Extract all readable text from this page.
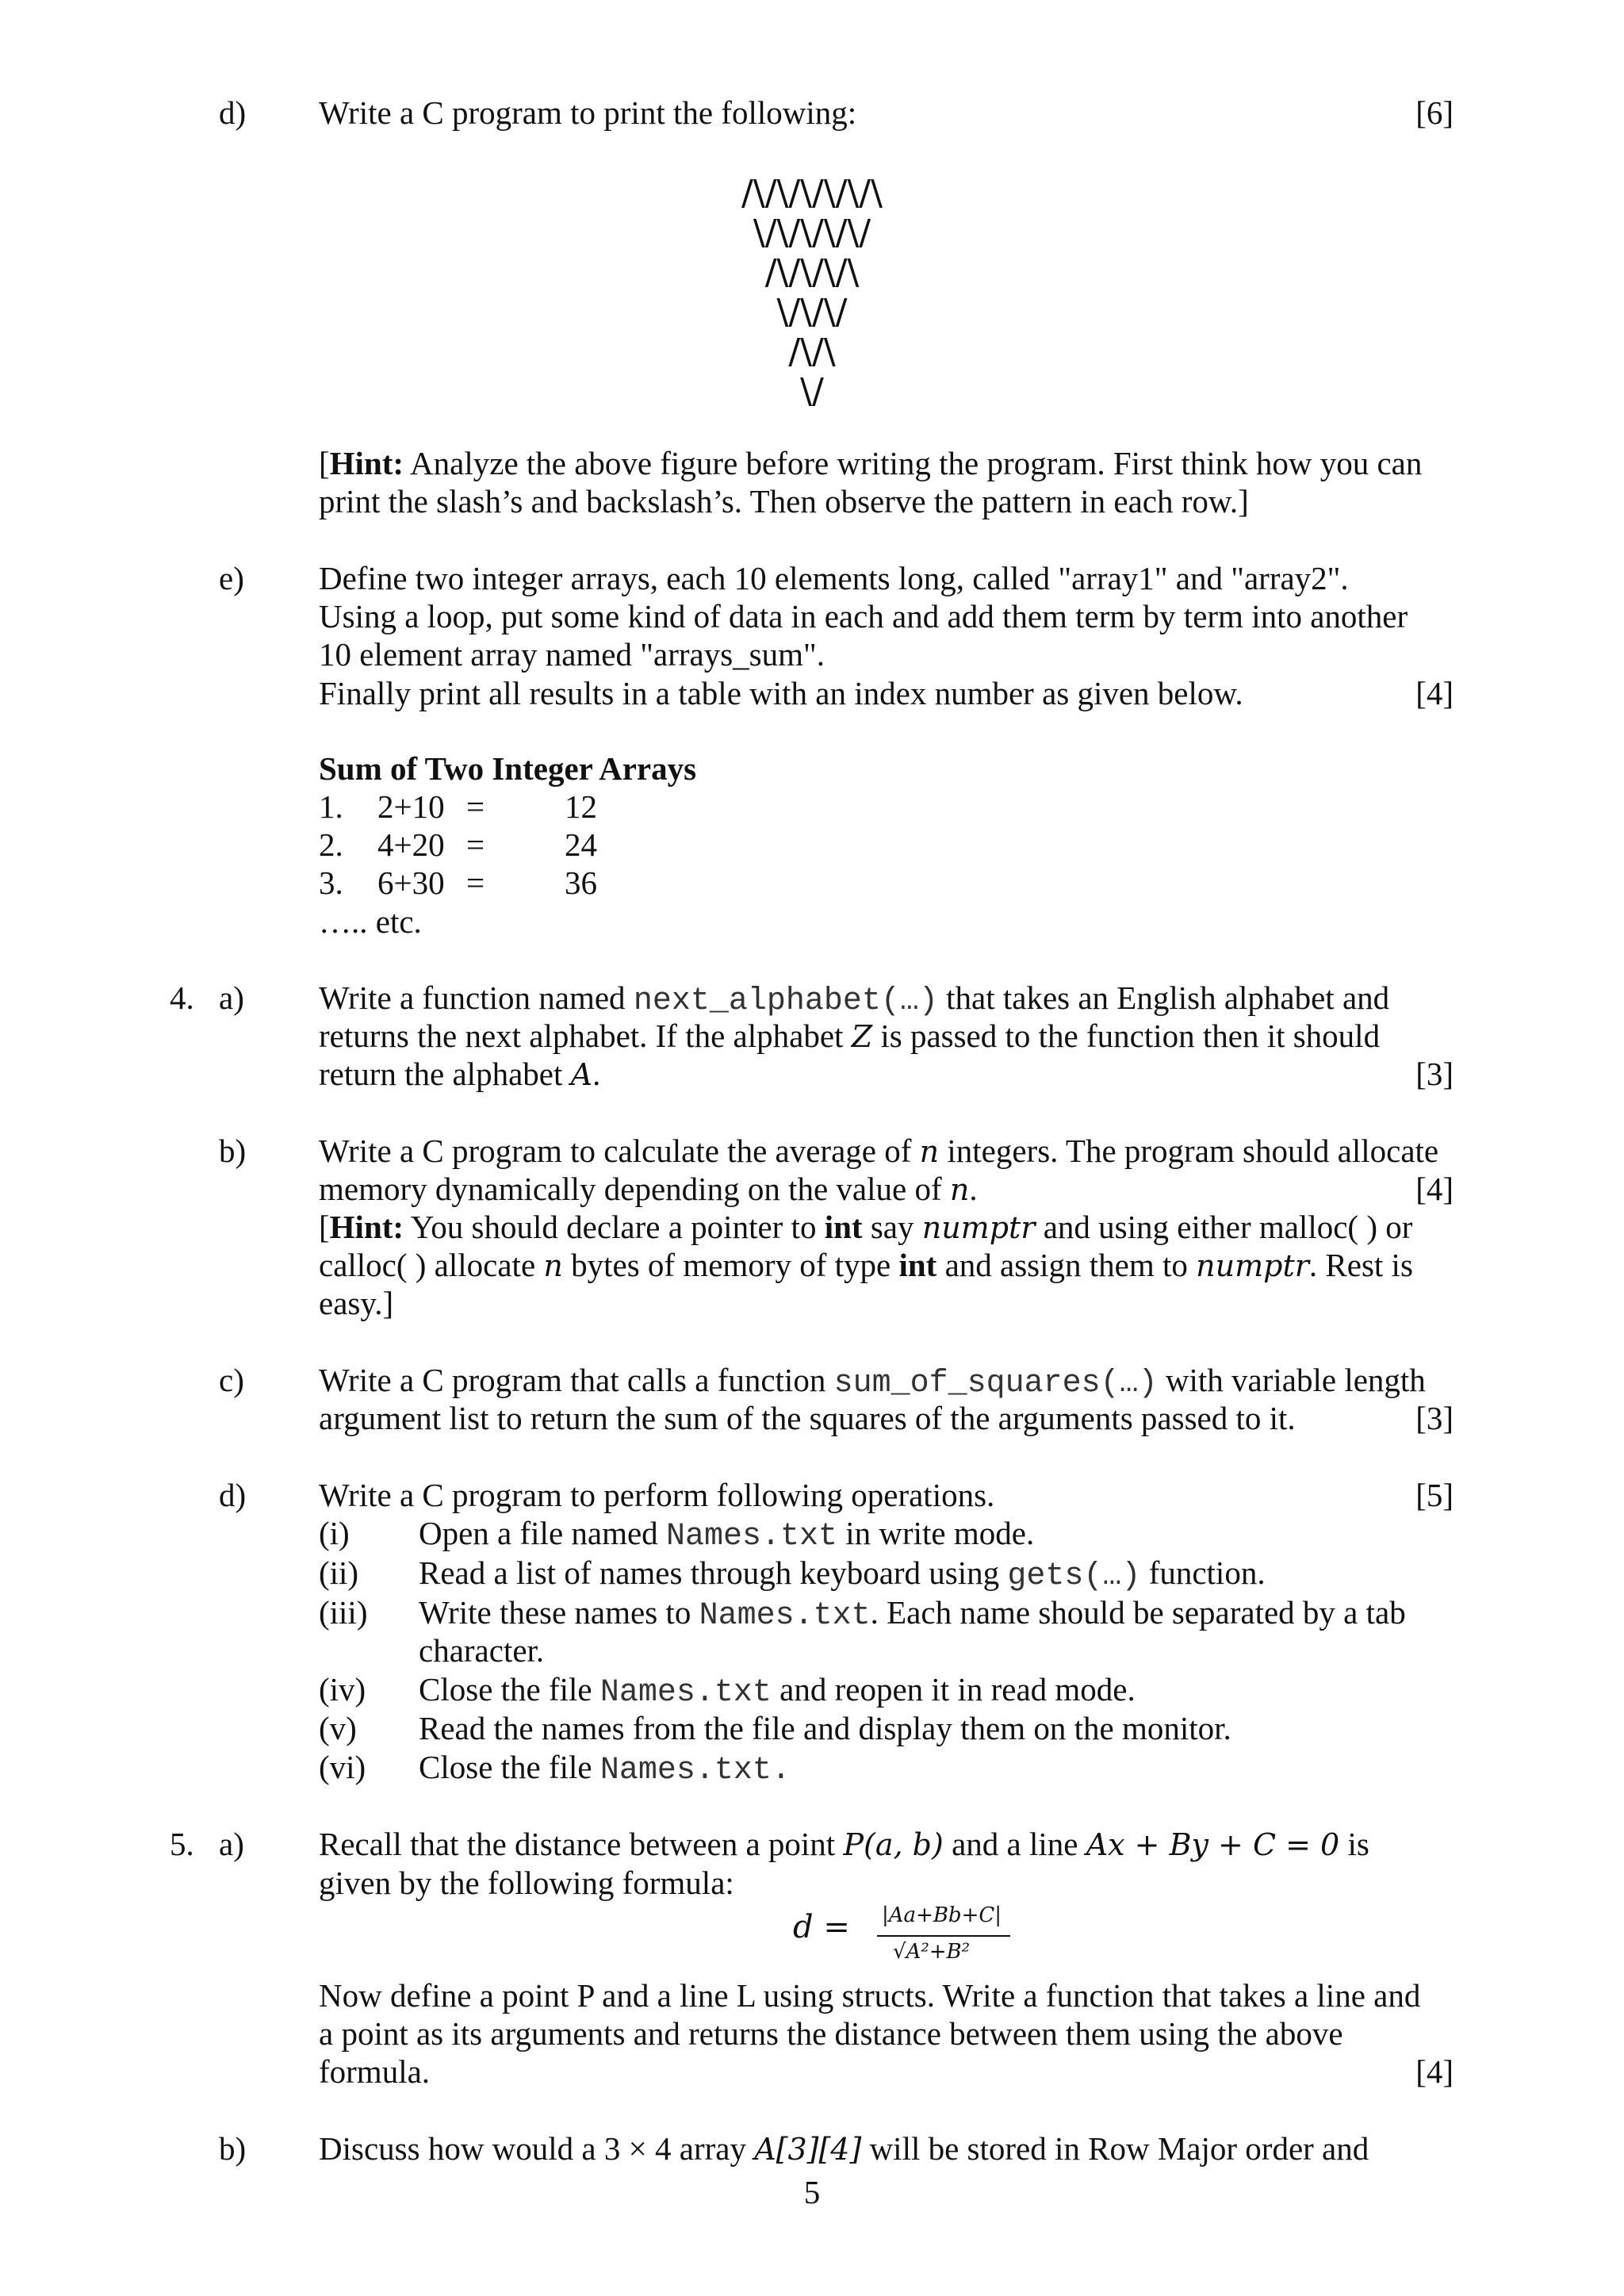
d) Write a C program to print the following:	[6]
/\/\/\/\/\/\
\/\/\/\/\/
/\/\/\/\
\/\/\/
/\/\
\/
[Hint: Analyze the above figure before writing the program. First think how you can
print the slash’s and backslash’s. Then observe the pattern in each row.]
e) Define two integer arrays, each 10 elements long, called "array1" and "array2".
Using a loop, put some kind of data in each and add them term by term into another
10 element array named "arrays_sum".
Finally print all results in a table with an index number as given below.	[4]
Sum of Two Integer Arrays
1. 2+10 = 12
2. 4+20 = 24
3. 6+30 = 36
….. etc.
4. a) Write a function named next_alphabet(…) that takes an English alphabet and
returns the next alphabet. If the alphabet Z is passed to the function then it should
return the alphabet A.	[3]
b) Write a C program to calculate the average of n integers. The program should allocate
memory dynamically depending on the value of n.	[4]
[Hint: You should declare a pointer to int say numptr and using either malloc( ) or
calloc( ) allocate n bytes of memory of type int and assign them to numptr. Rest is
easy.]
c) Write a C program that calls a function sum_of_squares(…) with variable length
argument list to return the sum of the squares of the arguments passed to it.	[3]
d) Write a C program to perform following operations.	[5]
(i) Open a file named Names.txt in write mode.
(ii) Read a list of names through keyboard using gets(…) function.
(iii) Write these names to Names.txt. Each name should be separated by a tab
character.
(iv) Close the file Names.txt and reopen it in read mode.
(v) Read the names from the file and display them on the monitor.
(vi) Close the file Names.txt.
5. a) Recall that the distance between a point P(a, b) and a line Ax + By + C = 0 is
given by the following formula:
d = |Aa+Bb+C|
√A²+B²
Now define a point P and a line L using structs. Write a function that takes a line and
a point as its arguments and returns the distance between them using the above
formula.	[4]
b) Discuss how would a 3 × 4 array A[3][4] will be stored in Row Major order and
5
